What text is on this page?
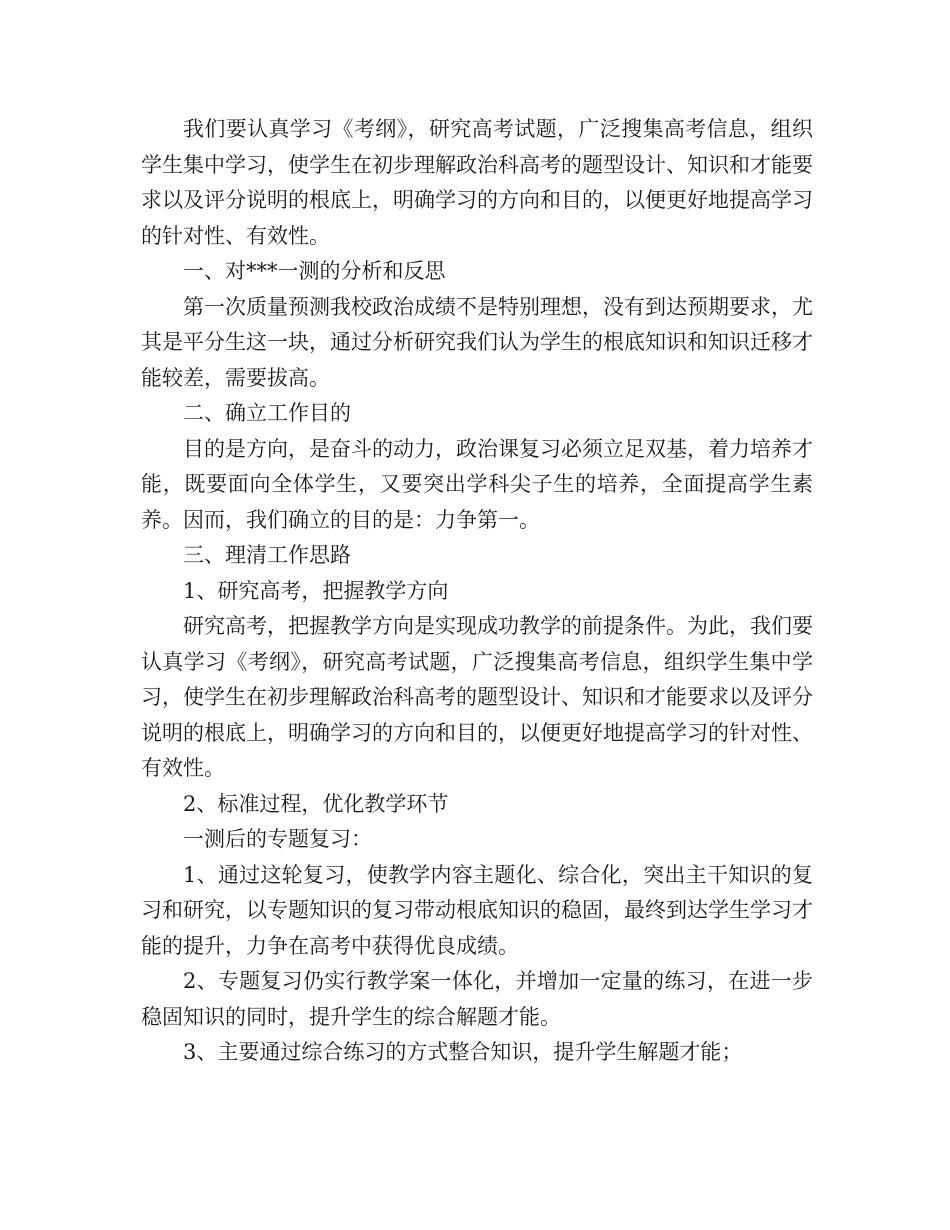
我们要认真学习《考纲》，研究高考试题，广泛搜集高考信息，组织学生集中学习，使学生在初步理解政治科高考的题型设计、知识和才能要求以及评分说明的根底上，明确学习的方向和目的，以便更好地提高学习的针对性、有效性。

一、对***一测的分析和反思

第一次质量预测我校政治成绩不是特别理想，没有到达预期要求，尤其是平分生这一块，通过分析研究我们认为学生的根底知识和知识迁移才能较差，需要拔高。

二、确立工作目的

目的是方向，是奋斗的动力，政治课复习必须立足双基，着力培养才能，既要面向全体学生，又要突出学科尖子生的培养，全面提高学生素养。因而，我们确立的目的是：力争第一。

三、理清工作思路

1、研究高考，把握教学方向

研究高考，把握教学方向是实现成功教学的前提条件。为此，我们要认真学习《考纲》，研究高考试题，广泛搜集高考信息，组织学生集中学习，使学生在初步理解政治科高考的题型设计、知识和才能要求以及评分说明的根底上，明确学习的方向和目的，以便更好地提高学习的针对性、有效性。

2、标准过程，优化教学环节

一测后的专题复习：

1、通过这轮复习，使教学内容主题化、综合化，突出主干知识的复习和研究，以专题知识的复习带动根底知识的稳固，最终到达学生学习才能的提升，力争在高考中获得优良成绩。

2、专题复习仍实行教学案一体化，并增加一定量的练习，在进一步稳固知识的同时，提升学生的综合解题才能。

3、主要通过综合练习的方式整合知识，提升学生解题才能；
